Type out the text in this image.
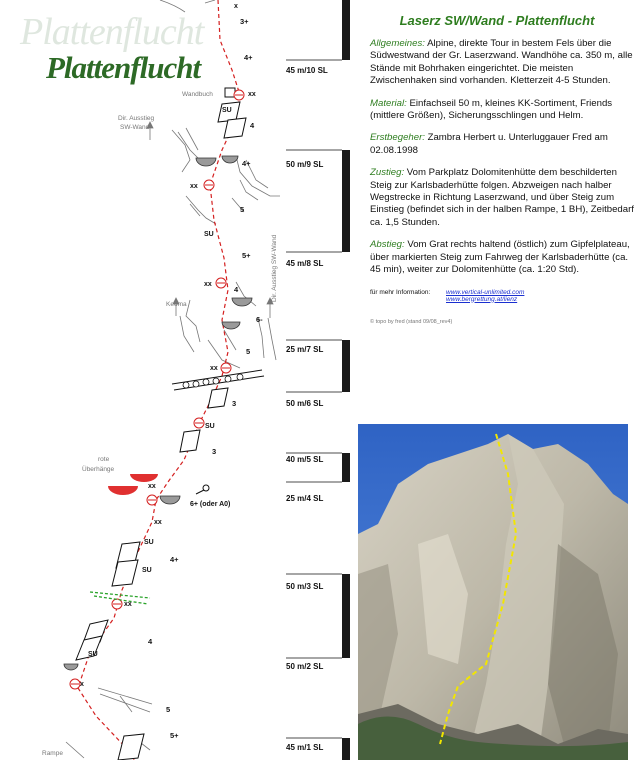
Plattenflucht
Plattenflucht
Wandbuch
Dir. Ausstieg
SW-Wand
Dir. Ausstieg SW-Wand
Keoma
rote
Überhänge
Rampe
6+ (oder A0)
3+
4+
4
4+
5
5+
4
6-
5
3
3
4+
4
5
5+
SU
SU
SU
SU
SU
SU
xx
xx
xx
xx
xx
xx
xx
x
x
45 m/10 SL
50 m/9 SL
45 m/8 SL
25 m/7 SL
50 m/6 SL
40 m/5 SL
25 m/4 SL
50 m/3 SL
50 m/2 SL
45 m/1 SL
Laserz SW/Wand - Plattenflucht
Allgemeines: Alpine, direkte Tour in bestem Fels über die Südwestwand der Gr. Laserzwand. Wandhöhe ca. 350 m, alle Stände mit Bohrhaken eingerichtet. Die meisten Zwischenhaken sind vorhanden. Kletterzeit 4-5 Stunden.
Material: Einfachseil 50 m, kleines KK-Sortiment, Friends (mittlere Größen), Sicherungsschlingen und Helm.
Erstbegeher: Zambra Herbert u. Unterluggauer Fred am 02.08.1998
Zustieg: Vom Parkplatz Dolomitenhütte dem beschilderten Steig zur Karlsbaderhütte folgen. Abzweigen nach halber Wegstrecke in Richtung Laserzwand, und über Steig zum Einstieg (befindet sich in der halben Rampe, 1 BH), Zeitbedarf ca. 1,5 Stunden.
Abstieg: Vom Grat rechts haltend (östlich) zum Gipfelplateau, über markierten Steig zum Fahrweg der Karlsbaderhütte (ca. 45 min), weiter zur Dolomitenhütte (ca. 1:20 Std).
für mehr Information:	www.vertical-unlimited.com
www.bergrettung.at/lienz
© topo by fred (stand 09/08_rev4)
